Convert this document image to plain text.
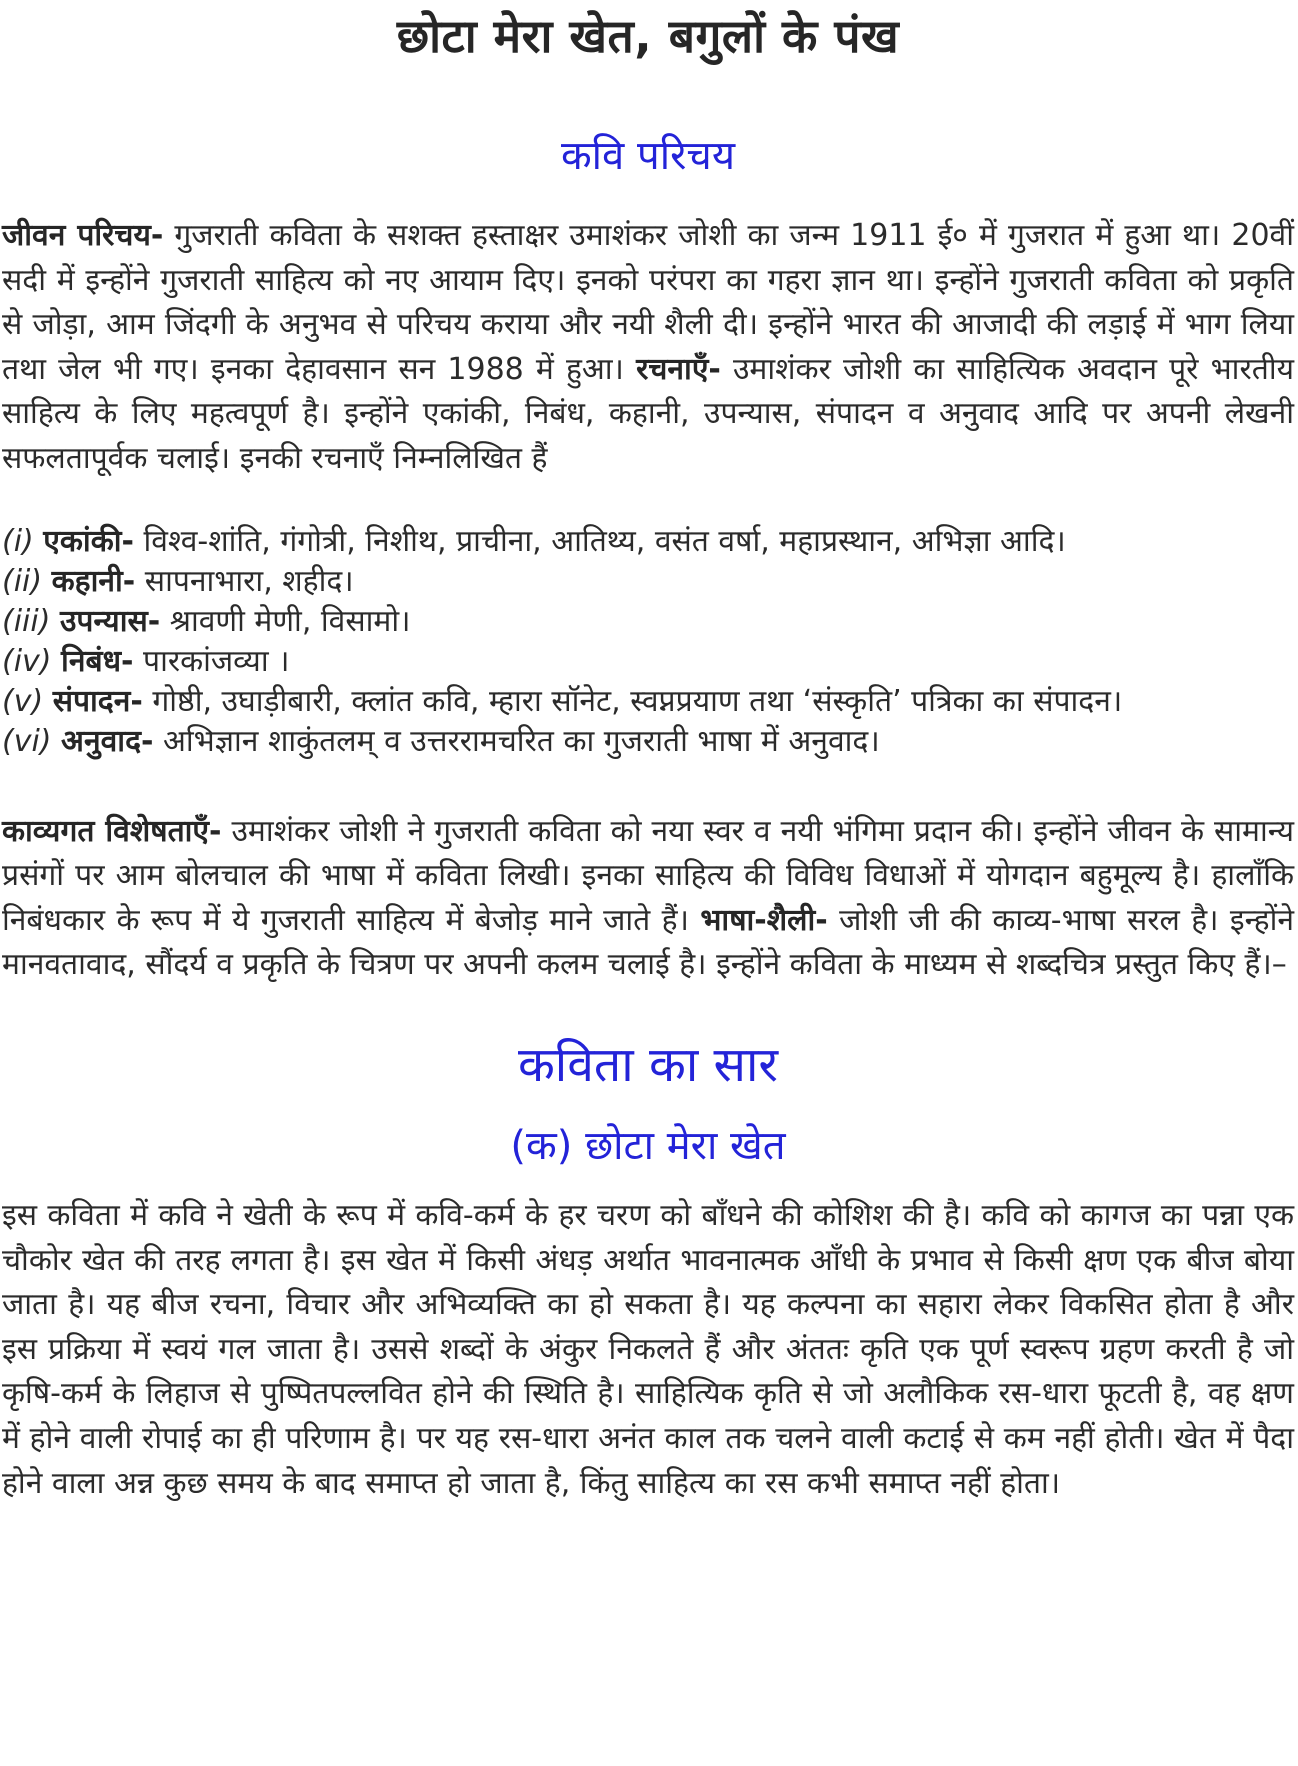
छोटा मेरा खेत, बगुलों के पंख
कवि परिचय

जीवन परिचय- गुजराती कविता के सशक्त हस्ताक्षर उमाशंकर जोशी का जन्म 1911 ई० में गुजरात में हुआ था। 20वीं सदी में इन्होंने गुजराती साहित्य को नए आयाम दिए। इनको परंपरा का गहरा ज्ञान था। इन्होंने गुजराती कविता को प्रकृति से जोड़ा, आम जिंदगी के अनुभव से परिचय कराया और नयी शैली दी। इन्होंने भारत की आजादी की लड़ाई में भाग लिया तथा जेल भी गए। इनका देहावसान सन 1988 में हुआ। रचनाएँ- उमाशंकर जोशी का साहित्यिक अवदान पूरे भारतीय साहित्य के लिए महत्वपूर्ण है। इन्होंने एकांकी, निबंध, कहानी, उपन्यास, संपादन व अनुवाद आदि पर अपनी लेखनी सफलतापूर्वक चलाई। इनकी रचनाएँ निम्नलिखित हैं

(i) एकांकी- विश्व-शांति, गंगोत्री, निशीथ, प्राचीना, आतिथ्य, वसंत वर्षा, महाप्रस्थान, अभिज्ञा आदि।
(ii) कहानी- सापनाभारा, शहीद।
(iii) उपन्यास- श्रावणी मेणी, विसामो।
(iv) निबंध- पारकांजव्या ।
(v) संपादन- गोष्ठी, उघाड़ीबारी, क्लांत कवि, म्हारा सॉनेट, स्वप्नप्रयाण तथा ‘संस्कृति’ पत्रिका का संपादन।
(vi) अनुवाद- अभिज्ञान शाकुंतलम् व उत्तररामचरित का गुजराती भाषा में अनुवाद।

काव्यगत विशेषताएँ- उमाशंकर जोशी ने गुजराती कविता को नया स्वर व नयी भंगिमा प्रदान की। इन्होंने जीवन के सामान्य प्रसंगों पर आम बोलचाल की भाषा में कविता लिखी। इनका साहित्य की विविध विधाओं में योगदान बहुमूल्य है। हालाँकि निबंधकार के रूप में ये गुजराती साहित्य में बेजोड़ माने जाते हैं। भाषा-शैली- जोशी जी की काव्य-भाषा सरल है। इन्होंने मानवतावाद, सौंदर्य व प्रकृति के चित्रण पर अपनी कलम चलाई है। इन्होंने कविता के माध्यम से शब्दचित्र प्रस्तुत किए हैं।–

कविता का सार
(क) छोटा मेरा खेत

इस कविता में कवि ने खेती के रूप में कवि-कर्म के हर चरण को बाँधने की कोशिश की है। कवि को कागज का पन्ना एक चौकोर खेत की तरह लगता है। इस खेत में किसी अंधड़ अर्थात भावनात्मक आँधी के प्रभाव से किसी क्षण एक बीज बोया जाता है। यह बीज रचना, विचार और अभिव्यक्ति का हो सकता है। यह कल्पना का सहारा लेकर विकसित होता है और इस प्रक्रिया में स्वयं गल जाता है। उससे शब्दों के अंकुर निकलते हैं और अंततः कृति एक पूर्ण स्वरूप ग्रहण करती है जो कृषि-कर्म के लिहाज से पुष्पितपल्लवित होने की स्थिति है। साहित्यिक कृति से जो अलौकिक रस-धारा फूटती है, वह क्षण में होने वाली रोपाई का ही परिणाम है। पर यह रस-धारा अनंत काल तक चलने वाली कटाई से कम नहीं होती। खेत में पैदा होने वाला अन्न कुछ समय के बाद समाप्त हो जाता है, किंतु साहित्य का रस कभी समाप्त नहीं होता।
